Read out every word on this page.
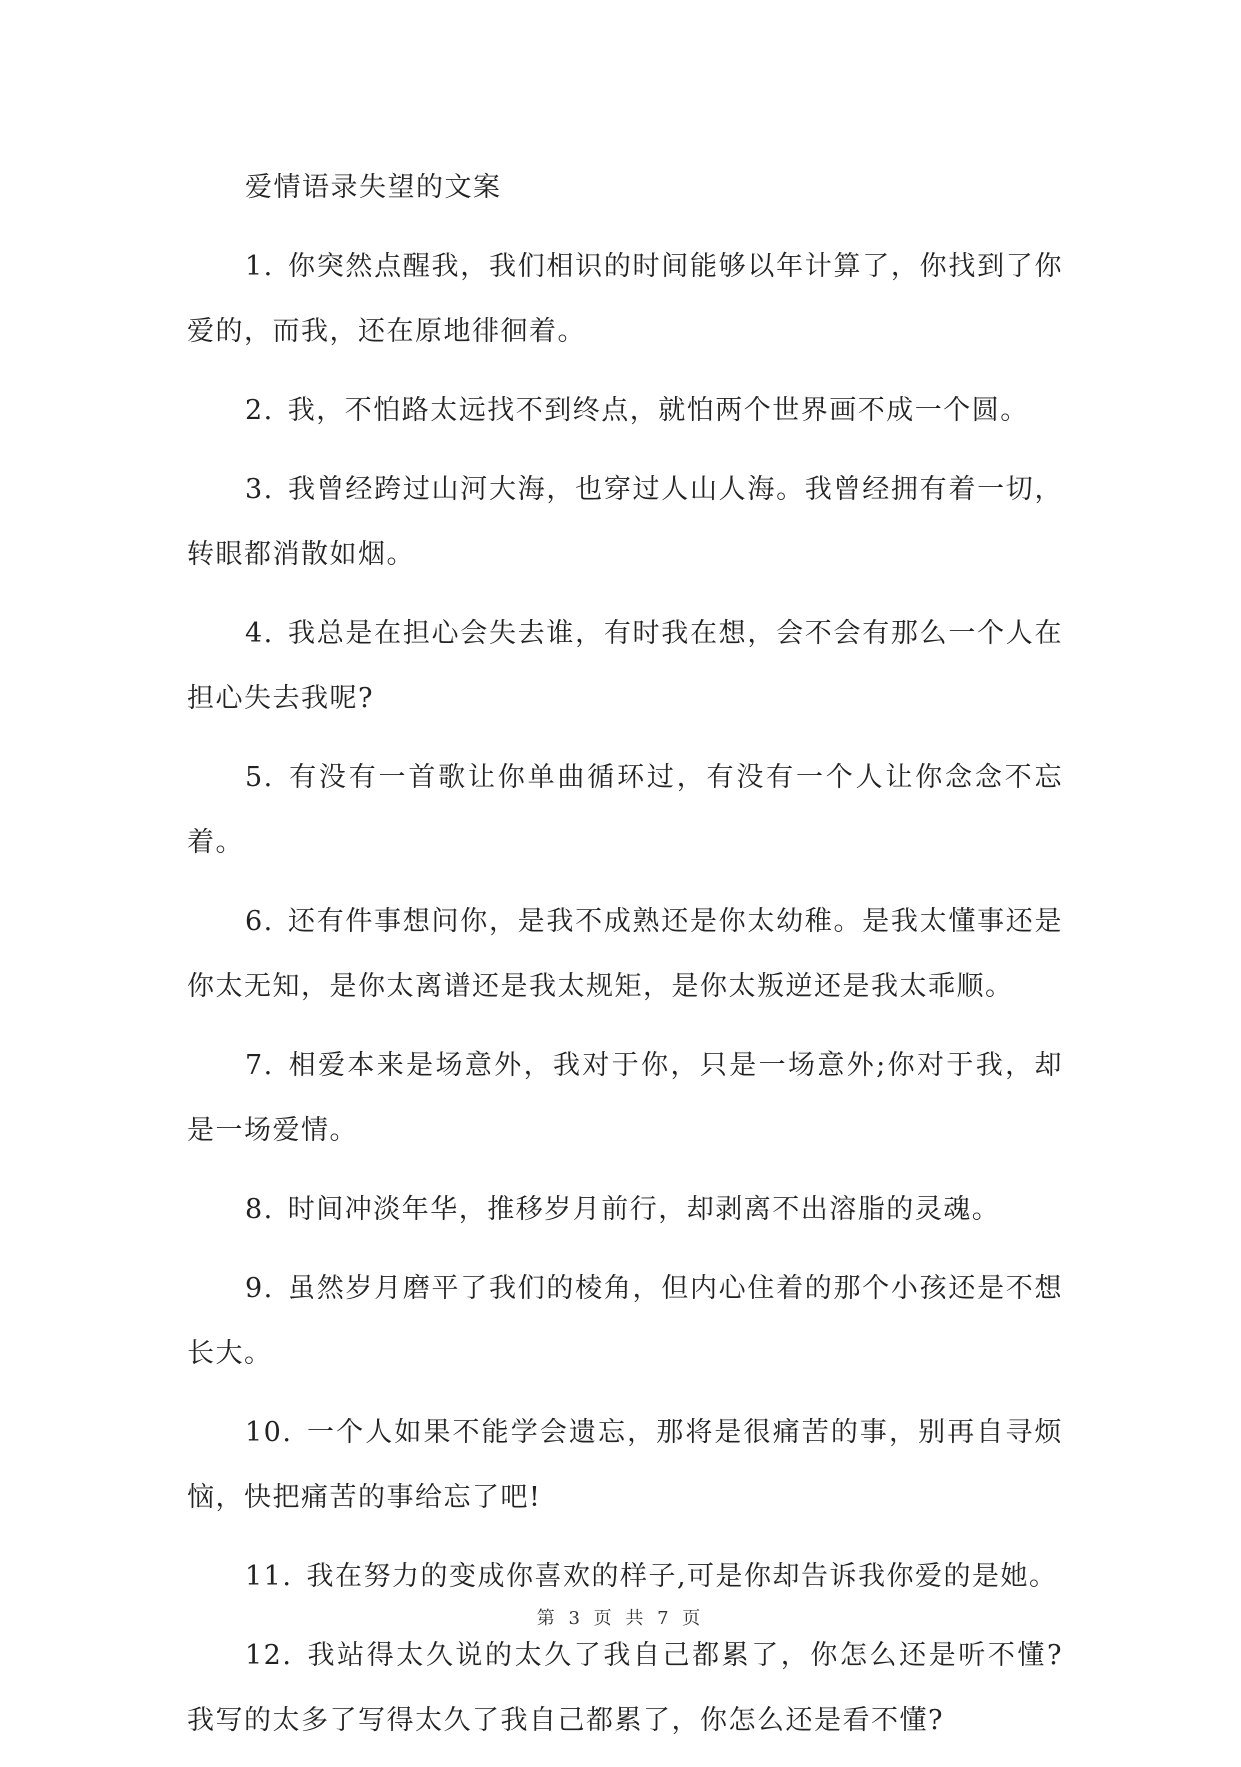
爱情语录失望的文案

1. 你突然点醒我，我们相识的时间能够以年计算了，你找到了你爱的，而我，还在原地徘徊着。

2. 我，不怕路太远找不到终点，就怕两个世界画不成一个圆。

3. 我曾经跨过山河大海，也穿过人山人海。我曾经拥有着一切，转眼都消散如烟。

4. 我总是在担心会失去谁，有时我在想，会不会有那么一个人在担心失去我呢?

5. 有没有一首歌让你单曲循环过，有没有一个人让你念念不忘着。

6. 还有件事想问你，是我不成熟还是你太幼稚。是我太懂事还是你太无知，是你太离谱还是我太规矩，是你太叛逆还是我太乖顺。

7. 相爱本来是场意外，我对于你，只是一场意外;你对于我，却是一场爱情。

8. 时间冲淡年华，推移岁月前行，却剥离不出溶脂的灵魂。

9. 虽然岁月磨平了我们的棱角，但内心住着的那个小孩还是不想长大。

10. 一个人如果不能学会遗忘，那将是很痛苦的事，别再自寻烦恼，快把痛苦的事给忘了吧!

11. 我在努力的变成你喜欢的样子,可是你却告诉我你爱的是她。

12. 我站得太久说的太久了我自己都累了，你怎么还是听不懂?我写的太多了写得太久了我自己都累了，你怎么还是看不懂?

第 3 页 共 7 页
